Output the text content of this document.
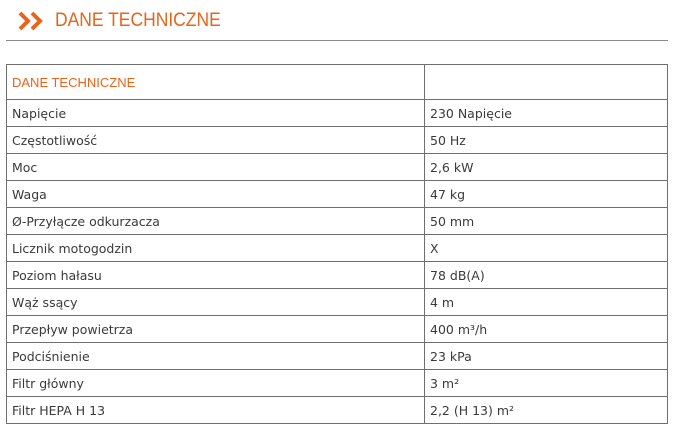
DANE TECHNICZNE
DANE TECHNICZNE	
Napięcie	230 Napięcie
Częstotliwość	50 Hz
Moc	2,6 kW
Waga	47 kg
Ø-Przyłącze odkurzacza	50 mm
Licznik motogodzin	X
Poziom hałasu	78 dB(A)
Wąż ssący	4 m
Przepływ powietrza	400 m³/h
Podciśnienie	23 kPa
Filtr główny	3 m²
Filtr HEPA H 13	2,2 (H 13) m²
